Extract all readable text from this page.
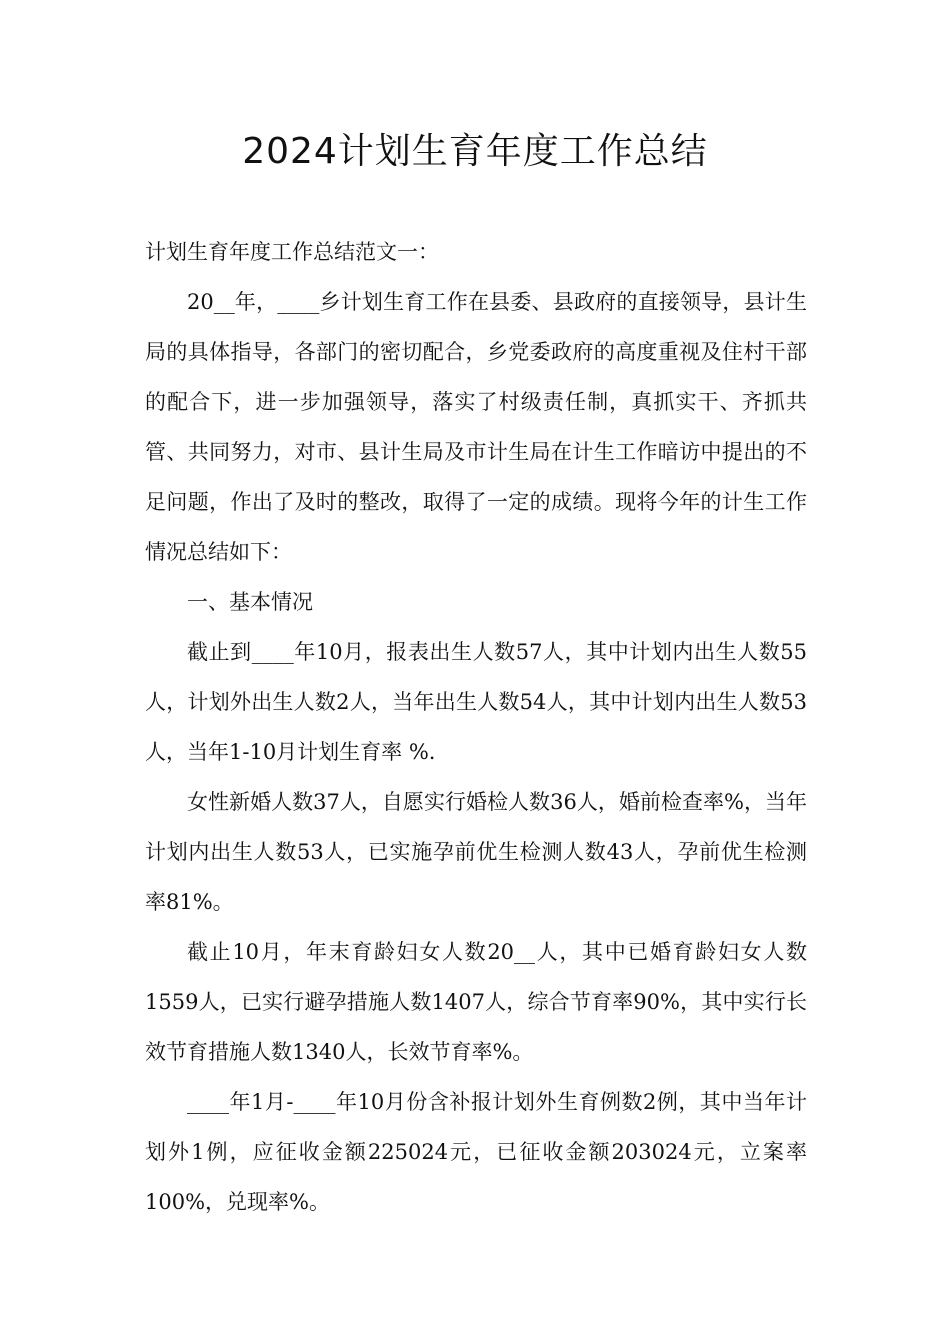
2024计划生育年度工作总结

计划生育年度工作总结范文一：

20__年，____乡计划生育工作在县委、县政府的直接领导，县计生局的具体指导，各部门的密切配合，乡党委政府的高度重视及住村干部的配合下，进一步加强领导，落实了村级责任制，真抓实干、齐抓共管、共同努力，对市、县计生局及市计生局在计生工作暗访中提出的不足问题，作出了及时的整改，取得了一定的成绩。现将今年的计生工作情况总结如下：

一、基本情况

截止到____年10月，报表出生人数57人，其中计划内出生人数55人，计划外出生人数2人，当年出生人数54人，其中计划内出生人数53人，当年1-10月计划生育率 %.

女性新婚人数37人，自愿实行婚检人数36人，婚前检查率%，当年计划内出生人数53人，已实施孕前优生检测人数43人，孕前优生检测率81%。

截止10月，年末育龄妇女人数20__人，其中已婚育龄妇女人数1559人，已实行避孕措施人数1407人，综合节育率90%，其中实行长效节育措施人数1340人，长效节育率%。

____年1月-____年10月份含补报计划外生育例数2例，其中当年计划外1例，应征收金额225024元，已征收金额203024元，立案率100%，兑现率%。
